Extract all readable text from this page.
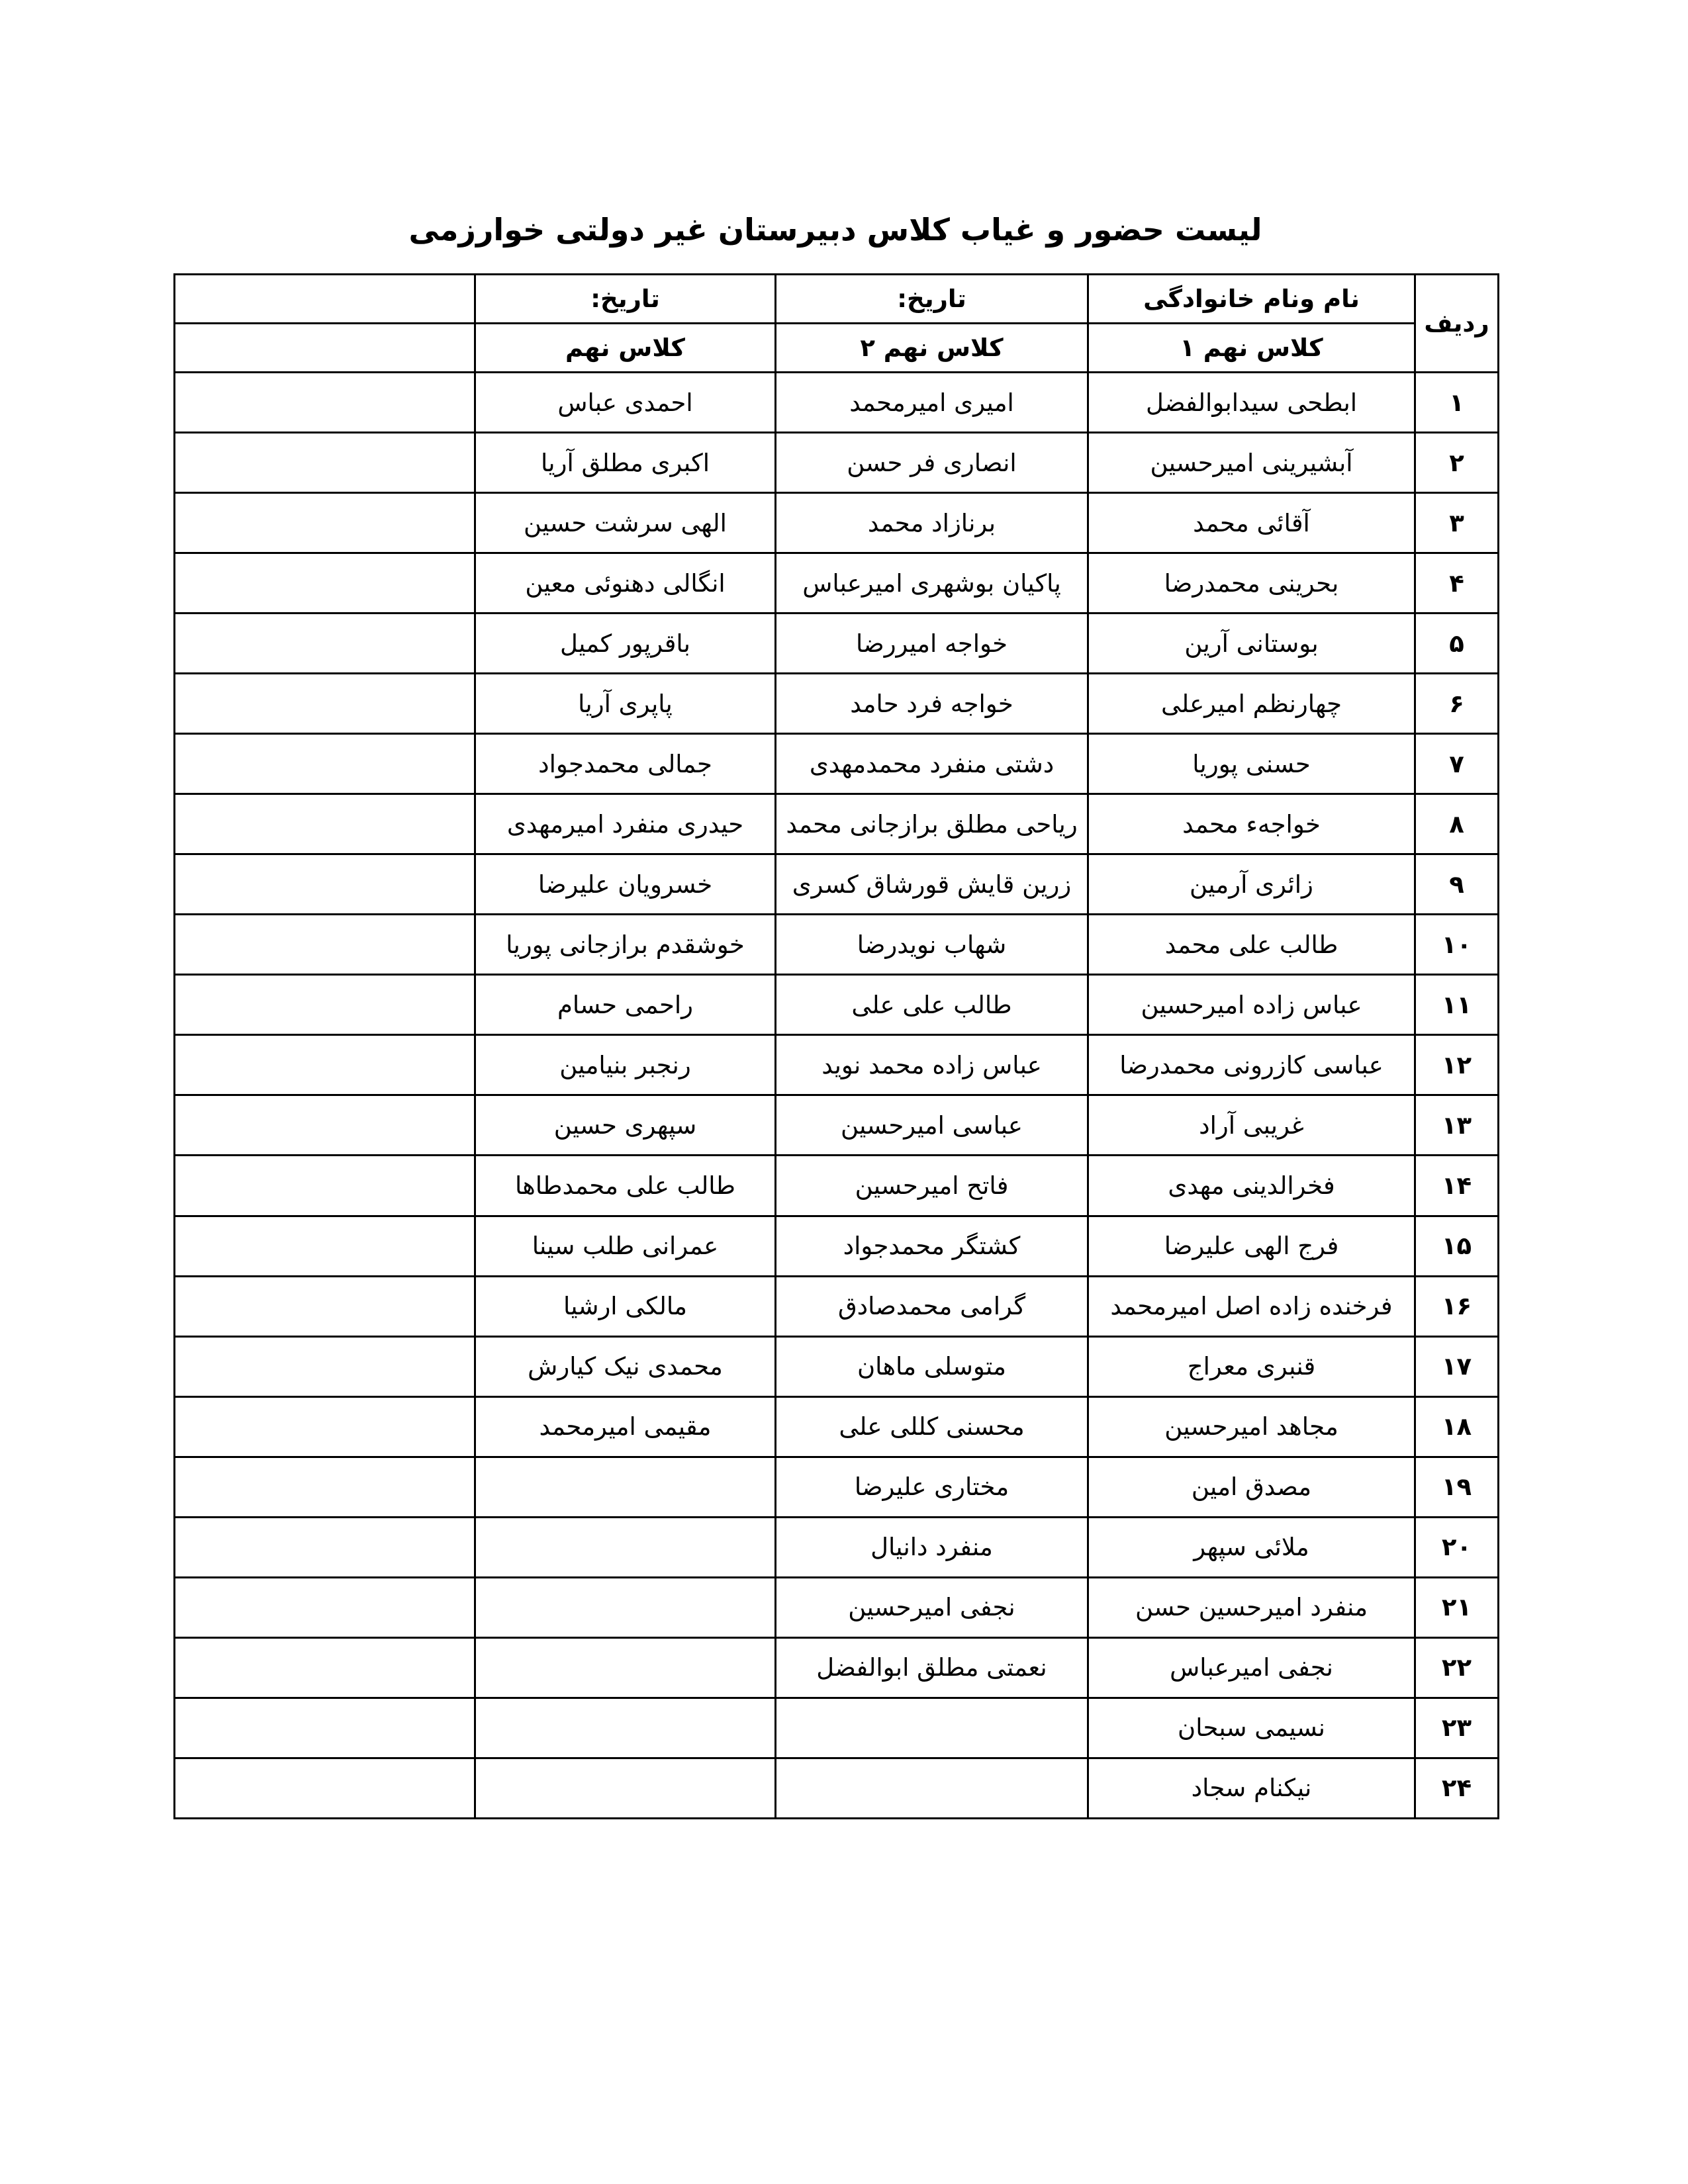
لیست حضور و غیاب کلاس دبیرستان غیر دولتی خوارزمی
ردیف	نام ونام خانوادگی	تاریخ:	تاریخ:	
	کلاس نهم ۱	کلاس نهم ۲	کلاس نهم	
۱	ابطحی سیدابوالفضل	امیری امیرمحمد	احمدی عباس	
۲	آبشیرینی امیرحسین	انصاری فر حسن	اکبری مطلق آریا	
۳	آقائی محمد	برنازاد محمد	الهی سرشت حسین	
۴	بحرینی محمدرضا	پاکیان بوشهری امیرعباس	انگالی دهنوئی معین	
۵	بوستانی آرین	خواجه امیررضا	باقرپور کمیل	
۶	چهارنظم امیرعلی	خواجه فرد حامد	پاپری آریا	
۷	حسنی پوریا	دشتی منفرد محمدمهدی	جمالی محمدجواد	
۸	خواجهء محمد	ریاحی مطلق برازجانی محمد	حیدری منفرد امیرمهدی	
۹	زائری آرمین	زرین قایش قورشاق کسری	خسرویان علیرضا	
۱۰	طالب علی محمد	شهاب نویدرضا	خوشقدم برازجانی پوریا	
۱۱	عباس زاده امیرحسین	طالب علی علی	راحمی حسام	
۱۲	عباسی کازرونی محمدرضا	عباس زاده محمد نوید	رنجبر بنیامین	
۱۳	غریبی آراد	عباسی امیرحسین	سپهری حسین	
۱۴	فخرالدینی مهدی	فاتح امیرحسین	طالب علی محمدطاها	
۱۵	فرج الهی علیرضا	کشتگر محمدجواد	عمرانی طلب سینا	
۱۶	فرخنده زاده اصل امیرمحمد	گرامی محمدصادق	مالکی ارشیا	
۱۷	قنبری معراج	متوسلی ماهان	محمدی نیک کیارش	
۱۸	مجاهد امیرحسین	محسنی کللی علی	مقیمی امیرمحمد	
۱۹	مصدق امین	مختاری علیرضا		
۲۰	ملائی سپهر	منفرد دانیال		
۲۱	منفرد امیرحسین حسن	نجفی امیرحسین		
۲۲	نجفی امیرعباس	نعمتی مطلق ابوالفضل		
۲۳	نسیمی سبحان			
۲۴	نیکنام سجاد			
